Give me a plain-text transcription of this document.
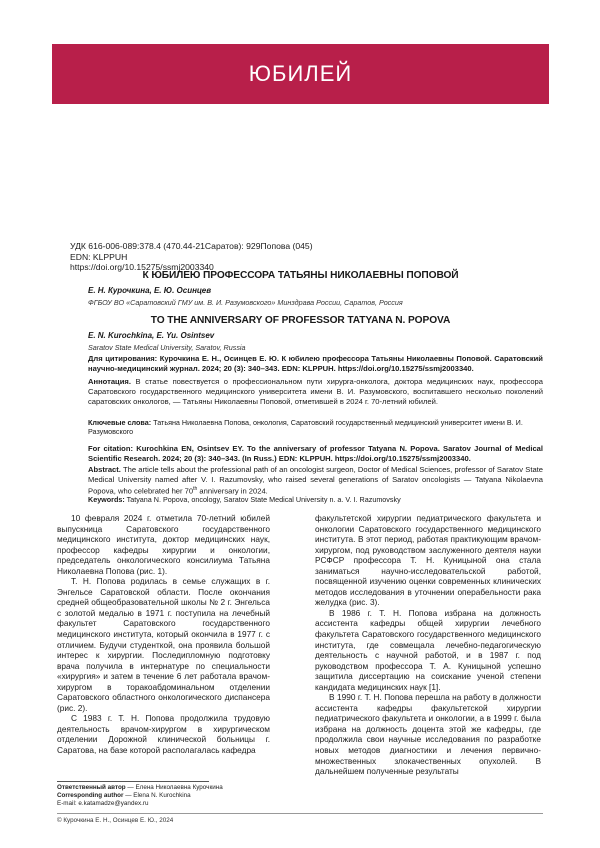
ЮБИЛЕЙ
УДК 616-006-089:378.4 (470.44-21Саратов): 929Попова (045)
EDN: KLPPUH
https://doi.org/10.15275/ssmj2003340
К ЮБИЛЕЮ ПРОФЕССОРА ТАТЬЯНЫ НИКОЛАЕВНЫ ПОПОВОЙ
Е. Н. Курочкина, Е. Ю. Осинцев
ФГБОУ ВО «Саратовский ГМУ им. В. И. Разумовского» Минздрава России, Саратов, Россия
TO THE ANNIVERSARY OF PROFESSOR TATYANA N. POPOVA
E. N. Kurochkina, E. Yu. Osintsev
Saratov State Medical University, Saratov, Russia
Для цитирования: Курочкина Е. Н., Осинцев Е. Ю. К юбилею профессора Татьяны Николаевны Поповой. Саратовский научно-медицинский журнал. 2024; 20 (3): 340–343. EDN: KLPPUH. https://doi.org/10.15275/ssmj2003340.
Аннотация. В статье повествуется о профессиональном пути хирурга-онколога, доктора медицинских наук, профессора Саратовского государственного медицинского университета имени В. И. Разумовского, воспитавшего несколько поколений саратовских онкологов, — Татьяны Николаевны Поповой, отметившей в 2024 г. 70-летний юбилей.
Ключевые слова: Татьяна Николаевна Попова, онкология, Саратовский государственный медицинский университет имени В. И. Разумовского
For citation: Kurochkina EN, Osintsev EY. To the anniversary of professor Tatyana N. Popova. Saratov Journal of Medical Scientific Research. 2024; 20 (3): 340–343. (In Russ.) EDN: KLPPUH. https://doi.org/10.15275/ssmj2003340.
Abstract. The article tells about the professional path of an oncologist surgeon, Doctor of Medical Sciences, professor of Saratov State Medical University named after V. I. Razumovsky, who raised several generations of Saratov oncologists — Tatyana Nikolaevna Popova, who celebrated her 70th anniversary in 2024.
Keywords: Tatyana N. Popova, oncology, Saratov State Medical University n. a. V. I. Razumovsky

10 февраля 2024 г. отметила 70-летний юбилей выпускница Саратовского государственного медицинского института, доктор медицинских наук, профессор кафедры хирургии и онкологии, председатель онкологического консилиума Татьяна Николаевна Попова (рис. 1).

Т. Н. Попова родилась в семье служащих в г. Энгельсе Саратовской области. После окончания средней общеобразовательной школы № 2 г. Энгельса с золотой медалью в 1971 г. поступила на лечебный факультет Саратовского государственного медицинского института, который окончила в 1977 г. с отличием. Будучи студенткой, она проявила большой интерес к хирургии. Последипломную подготовку врача получила в интернатуре по специальности «хирургия» и затем в течение 6 лет работала врачом-хирургом в торакоабдоминальном отделении Саратовского областного онкологического диспансера (рис. 2).

С 1983 г. Т. Н. Попова продолжила трудовую деятельность врачом-хирургом в хирургическом отделении Дорожной клинической больницы г. Саратова, на базе которой располагалась кафедра

факультетской хирургии педиатрического факультета и онкологии Саратовского государственного медицинского института. В этот период, работая практикующим врачом-хирургом, под руководством заслуженного деятеля науки РСФСР профессора Т. Н. Куницыной она стала заниматься научно-исследовательской работой, посвященной изучению оценки современных клинических методов исследования в уточнении операбельности рака желудка (рис. 3).

В 1986 г. Т. Н. Попова избрана на должность ассистента кафедры общей хирургии лечебного факультета Саратовского государственного медицинского института, где совмещала лечебно-педагогическую деятельность с научной работой, и в 1987 г. под руководством профессора Т. А. Куницыной успешно защитила диссертацию на соискание ученой степени кандидата медицинских наук [1].

В 1990 г. Т. Н. Попова перешла на работу в должности ассистента кафедры факультетской хирургии педиатрического факультета и онкологии, а в 1999 г. была избрана на должность доцента этой же кафедры, где продолжила свои научные исследования по разработке новых методов диагностики и лечения первично-множественных злокачественных опухолей. В дальнейшем полученные результаты

Ответственный автор — Елена Николаевна Курочкина
Corresponding author — Elena N. Kurochkina
E-mail: e.katamadze@yandex.ru
© Курочкина Е. Н., Осинцев Е. Ю., 2024
